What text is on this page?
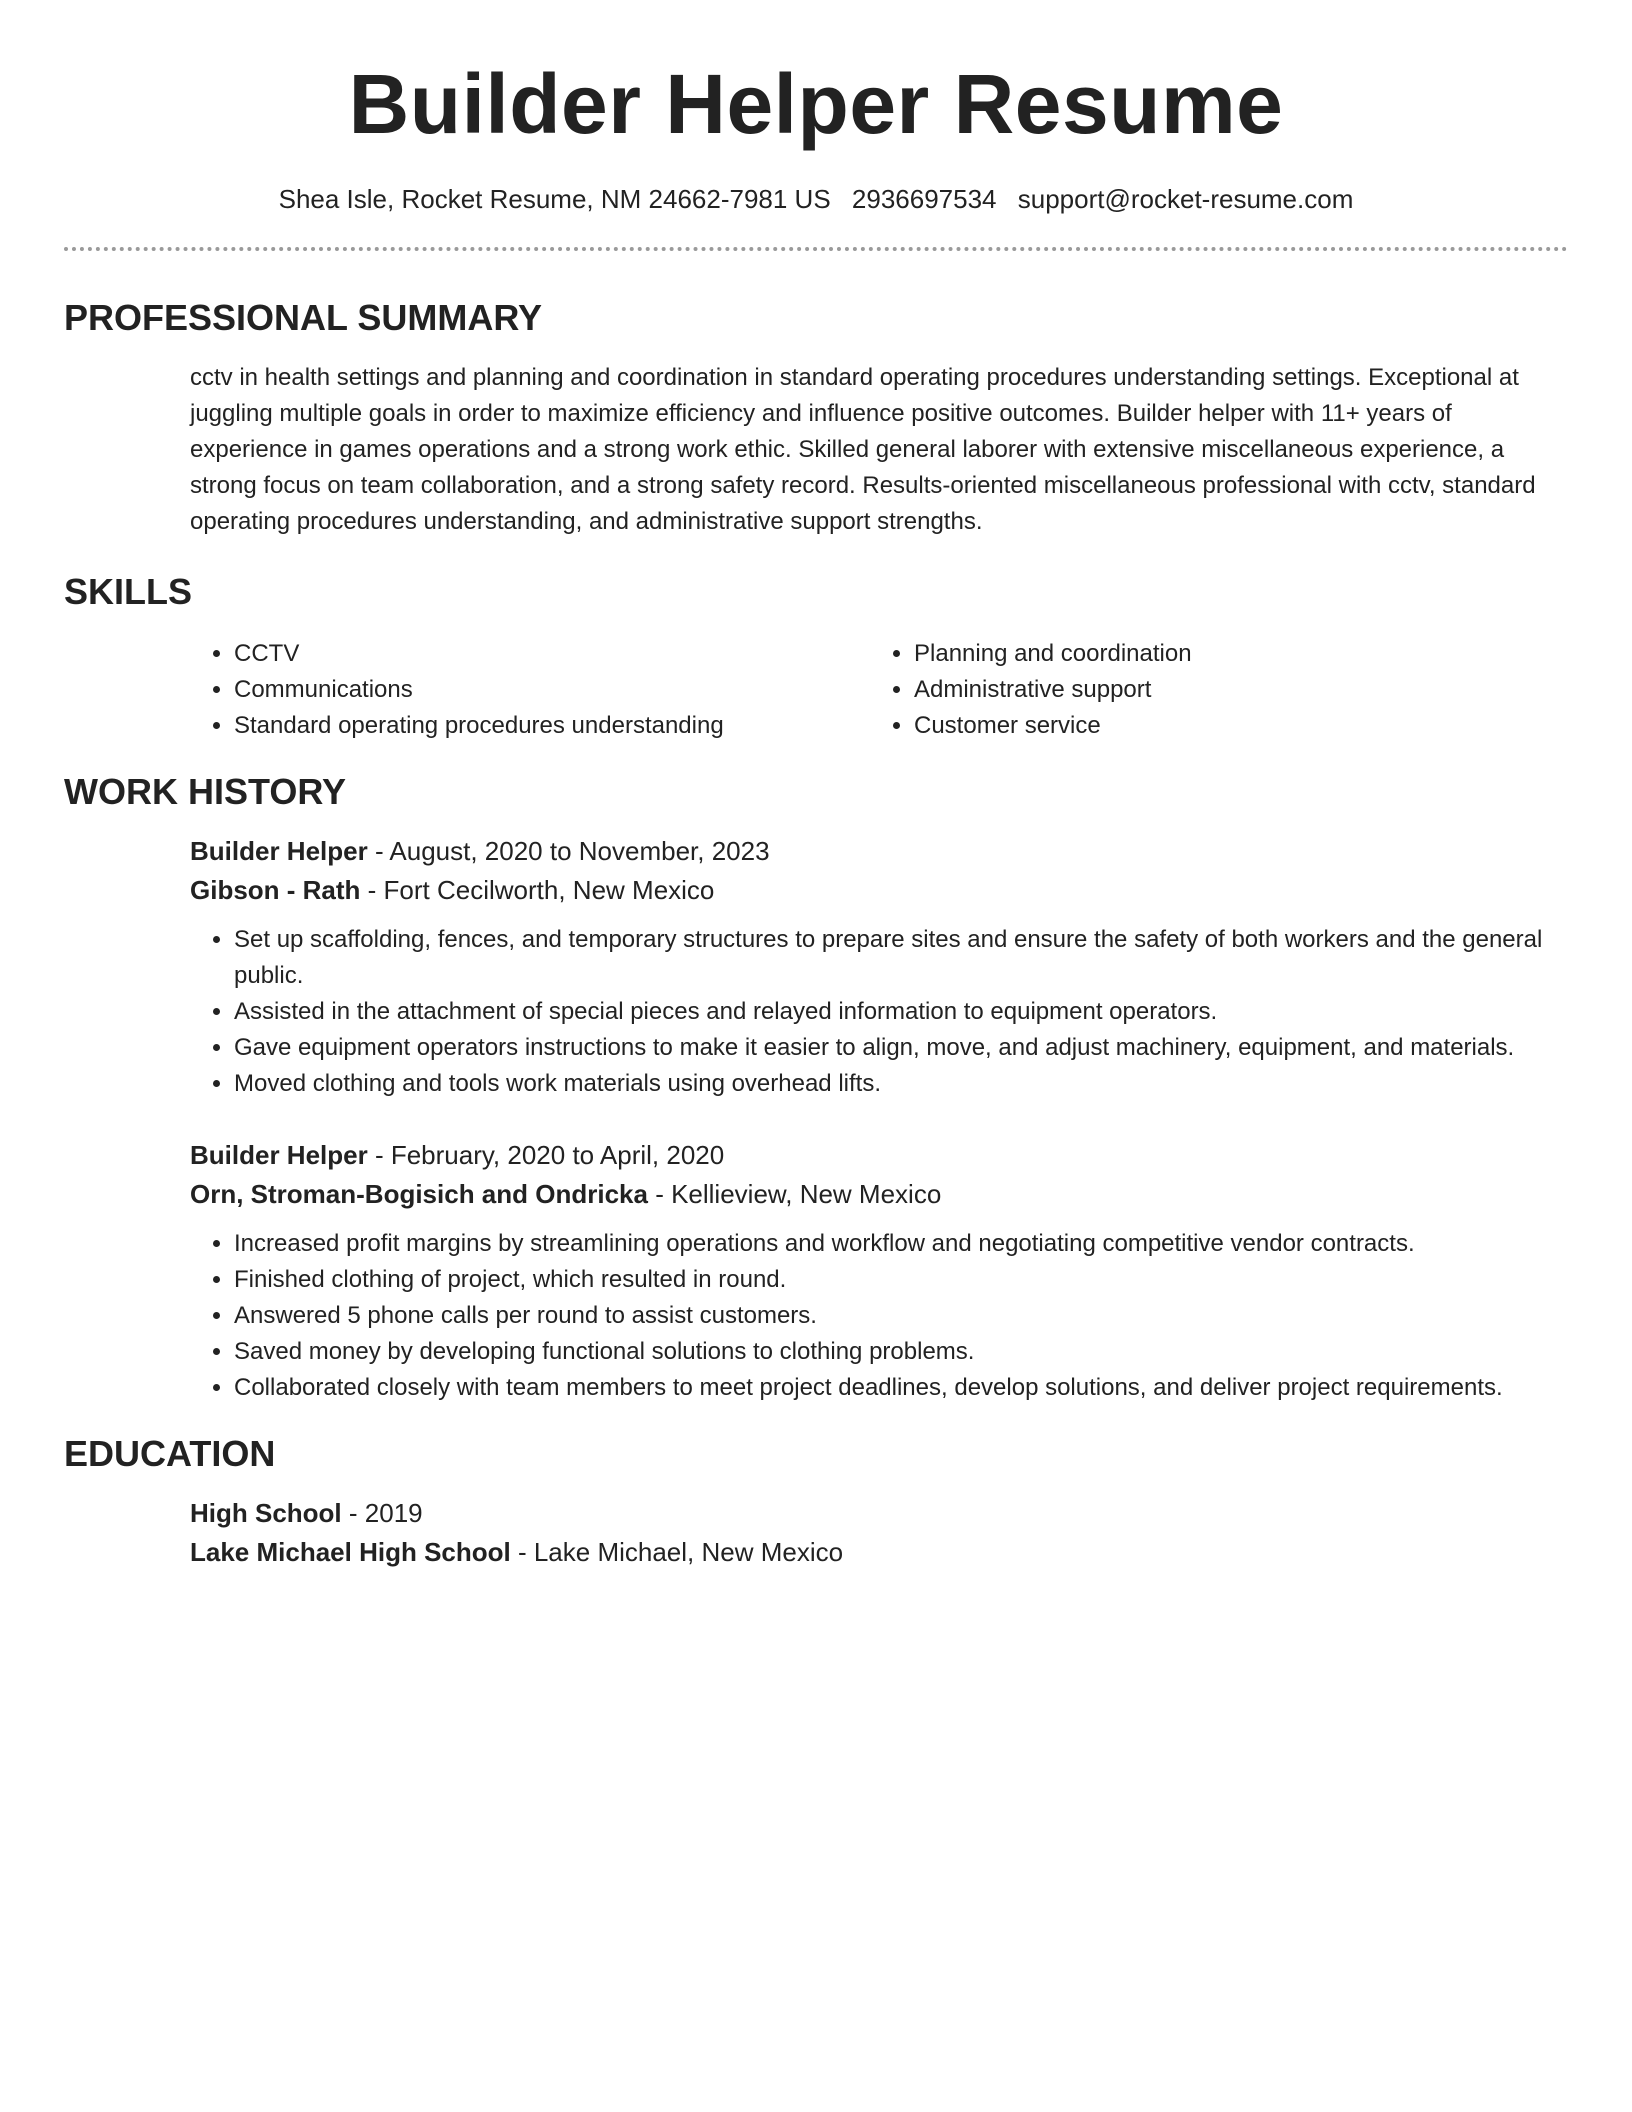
Builder Helper Resume
Shea Isle, Rocket Resume, NM 24662-7981 US 2936697534 support@rocket-resume.com
PROFESSIONAL SUMMARY
cctv in health settings and planning and coordination in standard operating procedures understanding settings. Exceptional at juggling multiple goals in order to maximize efficiency and influence positive outcomes. Builder helper with 11+ years of experience in games operations and a strong work ethic. Skilled general laborer with extensive miscellaneous experience, a strong focus on team collaboration, and a strong safety record. Results-oriented miscellaneous professional with cctv, standard operating procedures understanding, and administrative support strengths.
SKILLS
• CCTV
• Communications
• Standard operating procedures understanding
• Planning and coordination
• Administrative support
• Customer service
WORK HISTORY
Builder Helper - August, 2020 to November, 2023
Gibson - Rath - Fort Cecilworth, New Mexico
• Set up scaffolding, fences, and temporary structures to prepare sites and ensure the safety of both workers and the general public.
• Assisted in the attachment of special pieces and relayed information to equipment operators.
• Gave equipment operators instructions to make it easier to align, move, and adjust machinery, equipment, and materials.
• Moved clothing and tools work materials using overhead lifts.
Builder Helper - February, 2020 to April, 2020
Orn, Stroman-Bogisich and Ondricka - Kellieview, New Mexico
• Increased profit margins by streamlining operations and workflow and negotiating competitive vendor contracts.
• Finished clothing of project, which resulted in round.
• Answered 5 phone calls per round to assist customers.
• Saved money by developing functional solutions to clothing problems.
• Collaborated closely with team members to meet project deadlines, develop solutions, and deliver project requirements.
EDUCATION
High School - 2019
Lake Michael High School - Lake Michael, New Mexico
